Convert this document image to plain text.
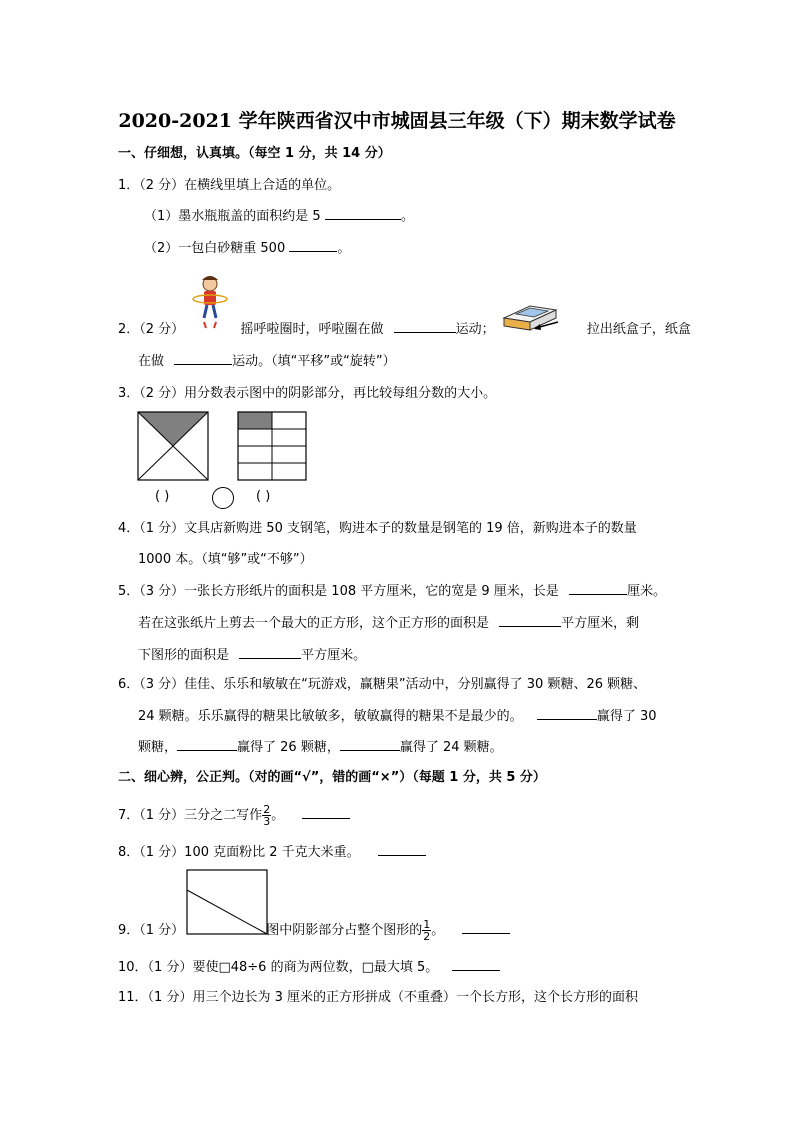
2020-2021 学年陕西省汉中市城固县三年级（下）期末数学试卷
一、仔细想，认真填。（每空 1 分，共 14 分）
1．（2 分）在横线里填上合适的单位。
（1）墨水瓶瓶盖的面积约是 5	。
（2）一包白砂糖重 500	。
2．（2 分）	摇呼啦圈时，呼啦圈在做	运动；	拉出纸盒子，纸盒
在做	运动。（填“平移”或“旋转”）
3．（2 分）用分数表示图中的阴影部分，再比较每组分数的大小。
( )	( )
4．（1 分）文具店新购进 50 支钢笔，购进本子的数量是钢笔的 19 倍，新购进本子的数量
1000 本。（填“够”或“不够”）
5．（3 分）一张长方形纸片的面积是 108 平方厘米，它的宽是 9 厘米，长是	厘米。
若在这张纸片上剪去一个最大的正方形，这个正方形的面积是	平方厘米，剩
下图形的面积是	平方厘米。
6．（3 分）佳佳、乐乐和敏敏在“玩游戏，赢糖果”活动中，分别赢得了 30 颗糖、26 颗糖、
24 颗糖。乐乐赢得的糖果比敏敏多，敏敏赢得的糖果不是最少的。	赢得了 30
颗糖，	赢得了 26 颗糖，	赢得了 24 颗糖。
二、细心辨，公正判。（对的画“√”，错的画“×”）（每题 1 分，共 5 分）
7．（1 分）三分之二写作 $\frac{2}{3}$ 。
8．（1 分）100 克面粉比 2 千克大米重。
9．（1 分）	图中阴影部分占整个图形的 $\frac{1}{2}$ 。
10．（1 分）要使□48÷6 的商为两位数，□最大填 5。
11．（1 分）用三个边长为 3 厘米的正方形拼成（不重叠）一个长方形，这个长方形的面积
